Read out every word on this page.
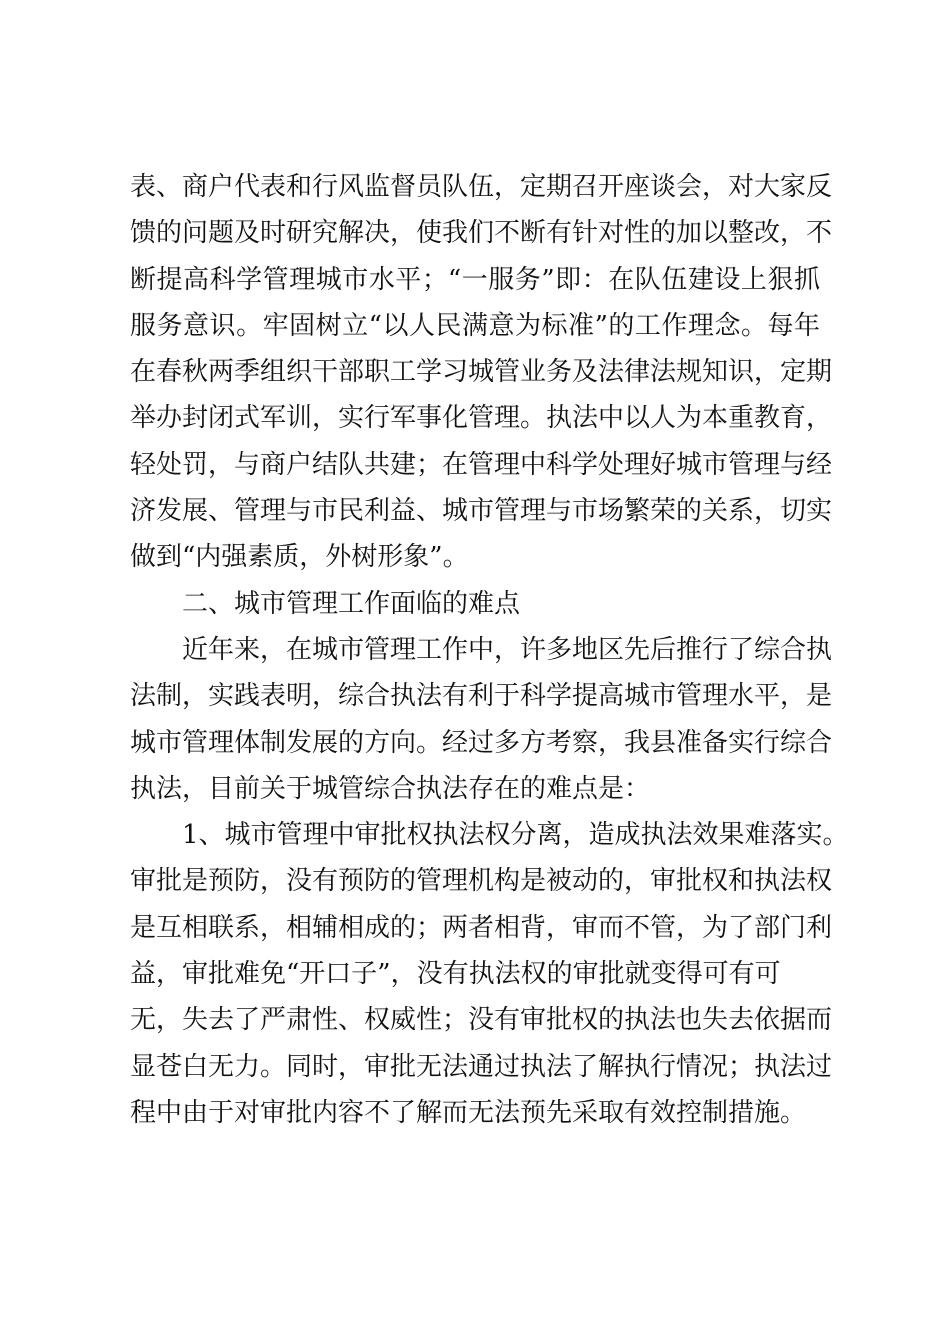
表、商户代表和行风监督员队伍，定期召开座谈会，对大家反
馈的问题及时研究解决，使我们不断有针对性的加以整改，不
断提高科学管理城市水平；“一服务”即：在队伍建设上狠抓
服务意识。牢固树立“以人民满意为标准”的工作理念。每年
在春秋两季组织干部职工学习城管业务及法律法规知识，定期
举办封闭式军训，实行军事化管理。执法中以人为本重教育，
轻处罚，与商户结队共建；在管理中科学处理好城市管理与经
济发展、管理与市民利益、城市管理与市场繁荣的关系，切实
做到“内强素质，外树形象”。
二、城市管理工作面临的难点
近年来，在城市管理工作中，许多地区先后推行了综合执
法制，实践表明，综合执法有利于科学提高城市管理水平，是
城市管理体制发展的方向。经过多方考察，我县准备实行综合
执法，目前关于城管综合执法存在的难点是：
1、城市管理中审批权执法权分离，造成执法效果难落实。
审批是预防，没有预防的管理机构是被动的，审批权和执法权
是互相联系，相辅相成的；两者相背，审而不管，为了部门利
益，审批难免“开口子”，没有执法权的审批就变得可有可
无，失去了严肃性、权威性；没有审批权的执法也失去依据而
显苍白无力。同时，审批无法通过执法了解执行情况；执法过
程中由于对审批内容不了解而无法预先采取有效控制措施。
